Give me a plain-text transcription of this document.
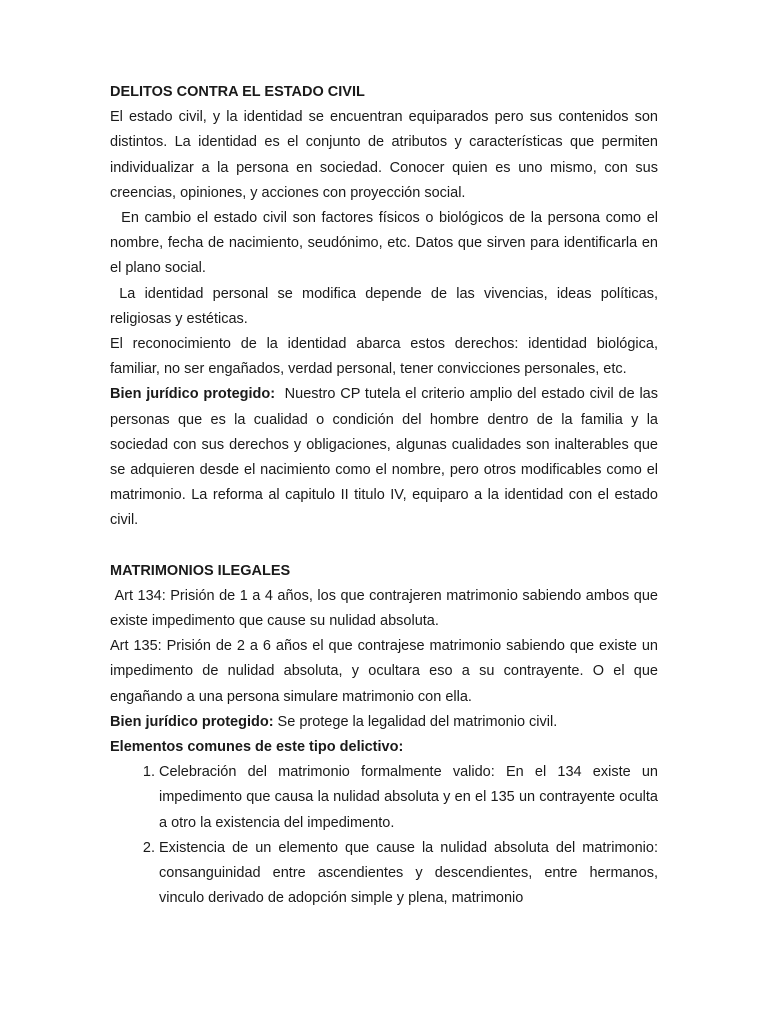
DELITOS CONTRA EL ESTADO CIVIL

El estado civil, y la identidad se encuentran equiparados pero sus contenidos son distintos. La identidad es el conjunto de atributos y características que permiten individualizar a la persona en sociedad. Conocer quien es uno mismo, con sus creencias, opiniones, y acciones con proyección social.

En cambio el estado civil son factores físicos o biológicos de la persona como el nombre, fecha de nacimiento, seudónimo, etc. Datos que sirven para identificarla en el plano social.

La identidad personal se modifica depende de las vivencias, ideas políticas, religiosas y estéticas.

El reconocimiento de la identidad abarca estos derechos: identidad biológica, familiar, no ser engañados, verdad personal, tener convicciones personales, etc.

Bien jurídico protegido:  Nuestro CP tutela el criterio amplio del estado civil de las personas que es la cualidad o condición del hombre dentro de la familia y la sociedad con sus derechos y obligaciones, algunas cualidades son inalterables que se adquieren desde el nacimiento como el nombre, pero otros modificables como el matrimonio. La reforma al capitulo II titulo IV, equiparo a la identidad con el estado civil.

MATRIMONIOS ILEGALES

Art 134: Prisión de 1 a 4 años, los que contrajeren matrimonio sabiendo ambos que existe impedimento que cause su nulidad absoluta.

Art 135: Prisión de 2 a 6 años el que contrajese matrimonio sabiendo que existe un impedimento de nulidad absoluta, y ocultara eso a su contrayente. O el que engañando a una persona simulare matrimonio con ella.

Bien jurídico protegido: Se protege la legalidad del matrimonio civil.

Elementos comunes de este tipo delictivo:

1. Celebración del matrimonio formalmente valido: En el 134 existe un impedimento que causa la nulidad absoluta y en el 135 un contrayente oculta a otro la existencia del impedimento.
2. Existencia de un elemento que cause la nulidad absoluta del matrimonio: consanguinidad entre ascendientes y descendientes, entre hermanos, vinculo derivado de adopción simple y plena, matrimonio
